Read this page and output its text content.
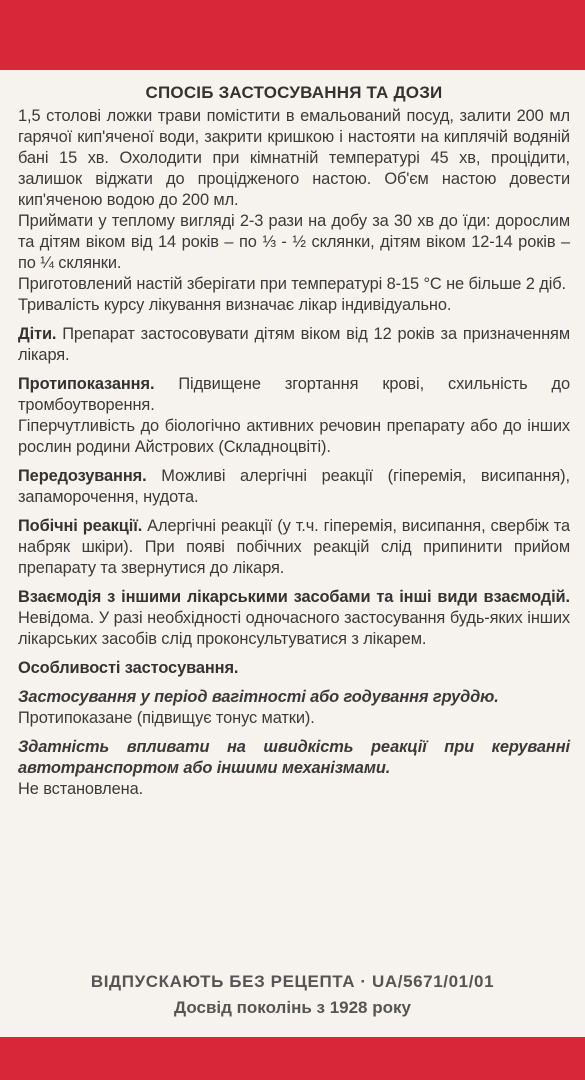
СПОСІБ ЗАСТОСУВАННЯ ТА ДОЗИ

1,5 столові ложки трави помістити в емальований посуд, залити 200 мл гарячої кип'яченої води, закрити кришкою і настояти на киплячій водяній бані 15 хв. Охолодити при кімнатній температурі 45 хв, процідити, залишок віджати до проціджeного настою. Об'єм настою довести кип'яченою водою до 200 мл.

Приймати у теплому вигляді 2-3 рази на добу за 30 хв до їди: дорослим та дітям віком від 14 років – по ⅓ - ½ склянки, дітям віком 12-14 років – по ¼ склянки.

Приготовлений настій зберігати при температурі 8-15 °С не більше 2 діб.

Тривалість курсу лікування визначає лікар індивідуально.

Діти. Препарат застосовувати дітям віком від 12 років за призначенням лікаря.

Протипоказання. Підвищене згортання крові, схильність до тромбоутворення.

Гіперчутливість до біологічно активних речовин препарату або до інших рослин родини Айстрових (Складноцвіті).

Передозування. Можливі алергічні реакції (гіперемія, висипання), запаморочення, нудота.

Побічні реакції. Алергічні реакції (у т.ч. гіперемія, висипання, свербіж та набряк шкіри). При появі побічних реакцій слід припинити прийом препарату та звернутися до лікаря.

Взаємодія з іншими лікарськими засобами та інші види взаємодій. Невідома. У разі необхідності одночасного застосування будь-яких інших лікарських засобів слід проконсультуватися з лікарем.

Особливості застосування.

Застосування у період вагітності або годування груддю.

Протипоказане (підвищує тонус матки).

Здатність впливати на швидкість реакції при керуванні автотранспортом або іншими механізмами.

Не встановлена.

ВІДПУСКАЮТЬ БЕЗ РЕЦЕПТА · UA/5671/01/01
Досвід поколінь з 1928 року
